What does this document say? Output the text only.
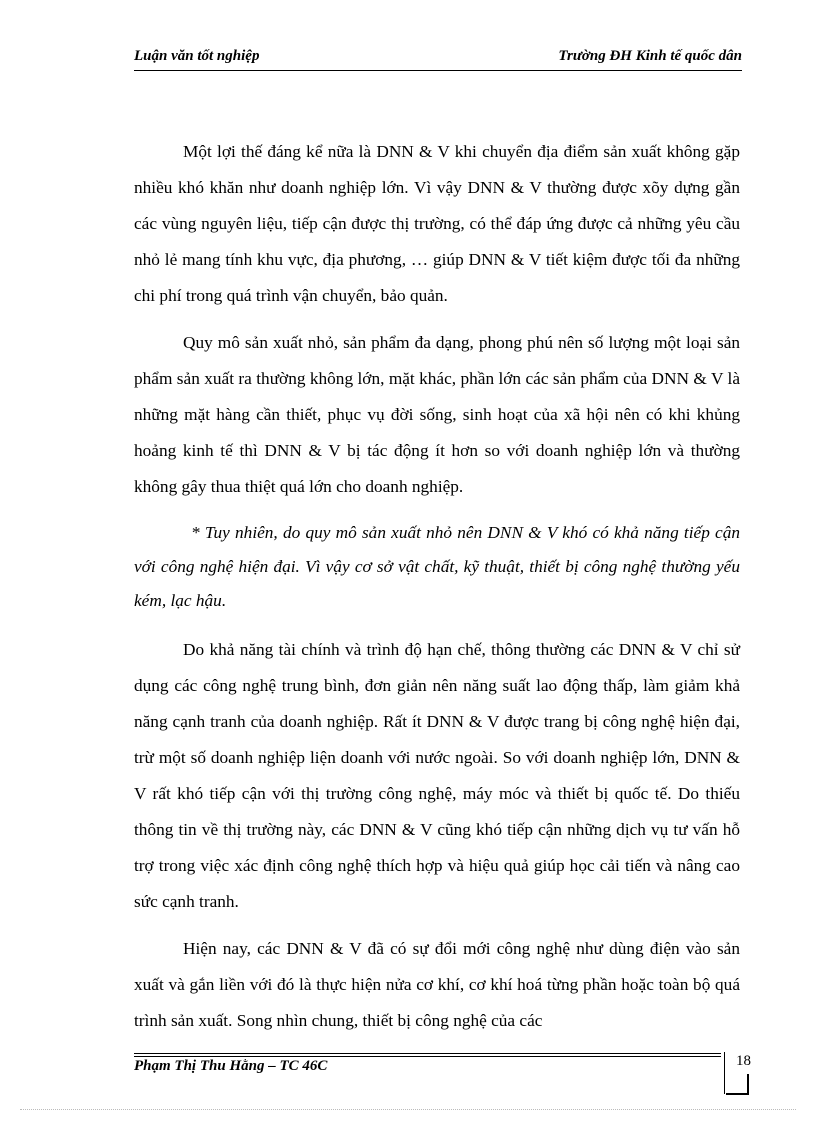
Luận văn tốt nghiệp	Trường ĐH Kinh tế quốc dân

Một lợi thế đáng kể nữa là DNN & V khi chuyển địa điểm sản xuất không gặp nhiều khó khăn như doanh nghiệp lớn. Vì vậy DNN & V thường được xõy dựng gần các vùng nguyên liệu, tiếp cận được thị trường, có thể đáp ứng được cả những yêu cầu nhỏ lẻ mang tính khu vực, địa phương, … giúp DNN & V tiết kiệm được tối đa những chi phí trong quá trình vận chuyển, bảo quản.

Quy mô sản xuất nhỏ, sản phẩm đa dạng, phong phú nên số lượng một loại sản phẩm sản xuất ra thường không lớn, mặt khác, phần lớn các sản phẩm của DNN & V là những mặt hàng cần thiết, phục vụ đời sống, sinh hoạt của xã hội nên có khi khủng hoảng kinh tế thì DNN & V bị tác động ít hơn so với doanh nghiệp lớn và thường không gây thua thiệt quá lớn cho doanh nghiệp.

* Tuy nhiên, do quy mô sản xuất nhỏ nên DNN & V khó có khả năng tiếp cận với công nghệ hiện đại. Vì vậy cơ sở vật chất, kỹ thuật, thiết bị công nghệ thường yếu kém, lạc hậu.

Do khả năng tài chính và trình độ hạn chế, thông thường các DNN & V chỉ sử dụng các công nghệ trung bình, đơn giản nên năng suất lao động thấp, làm giảm khả năng cạnh tranh của doanh nghiệp. Rất ít DNN & V được trang bị công nghệ hiện đại, trừ một số doanh nghiệp liện doanh với nước ngoài. So với doanh nghiệp lớn, DNN & V rất khó tiếp cận với thị trường công nghệ, máy móc và thiết bị quốc tế. Do thiếu thông tin về thị trường này, các DNN & V cũng khó tiếp cận những dịch vụ tư vấn hỗ trợ trong việc xác định công nghệ thích hợp và hiệu quả giúp học cải tiến và nâng cao sức cạnh tranh.

Hiện nay, các DNN & V đã có sự đổi mới công nghệ như dùng điện vào sản xuất và gắn liền với đó là thực hiện nửa cơ khí, cơ khí hoá từng phần hoặc toàn bộ quá trình sản xuất. Song nhìn chung, thiết bị công nghệ của các

Phạm Thị Thu Hằng – TC 46C	18
